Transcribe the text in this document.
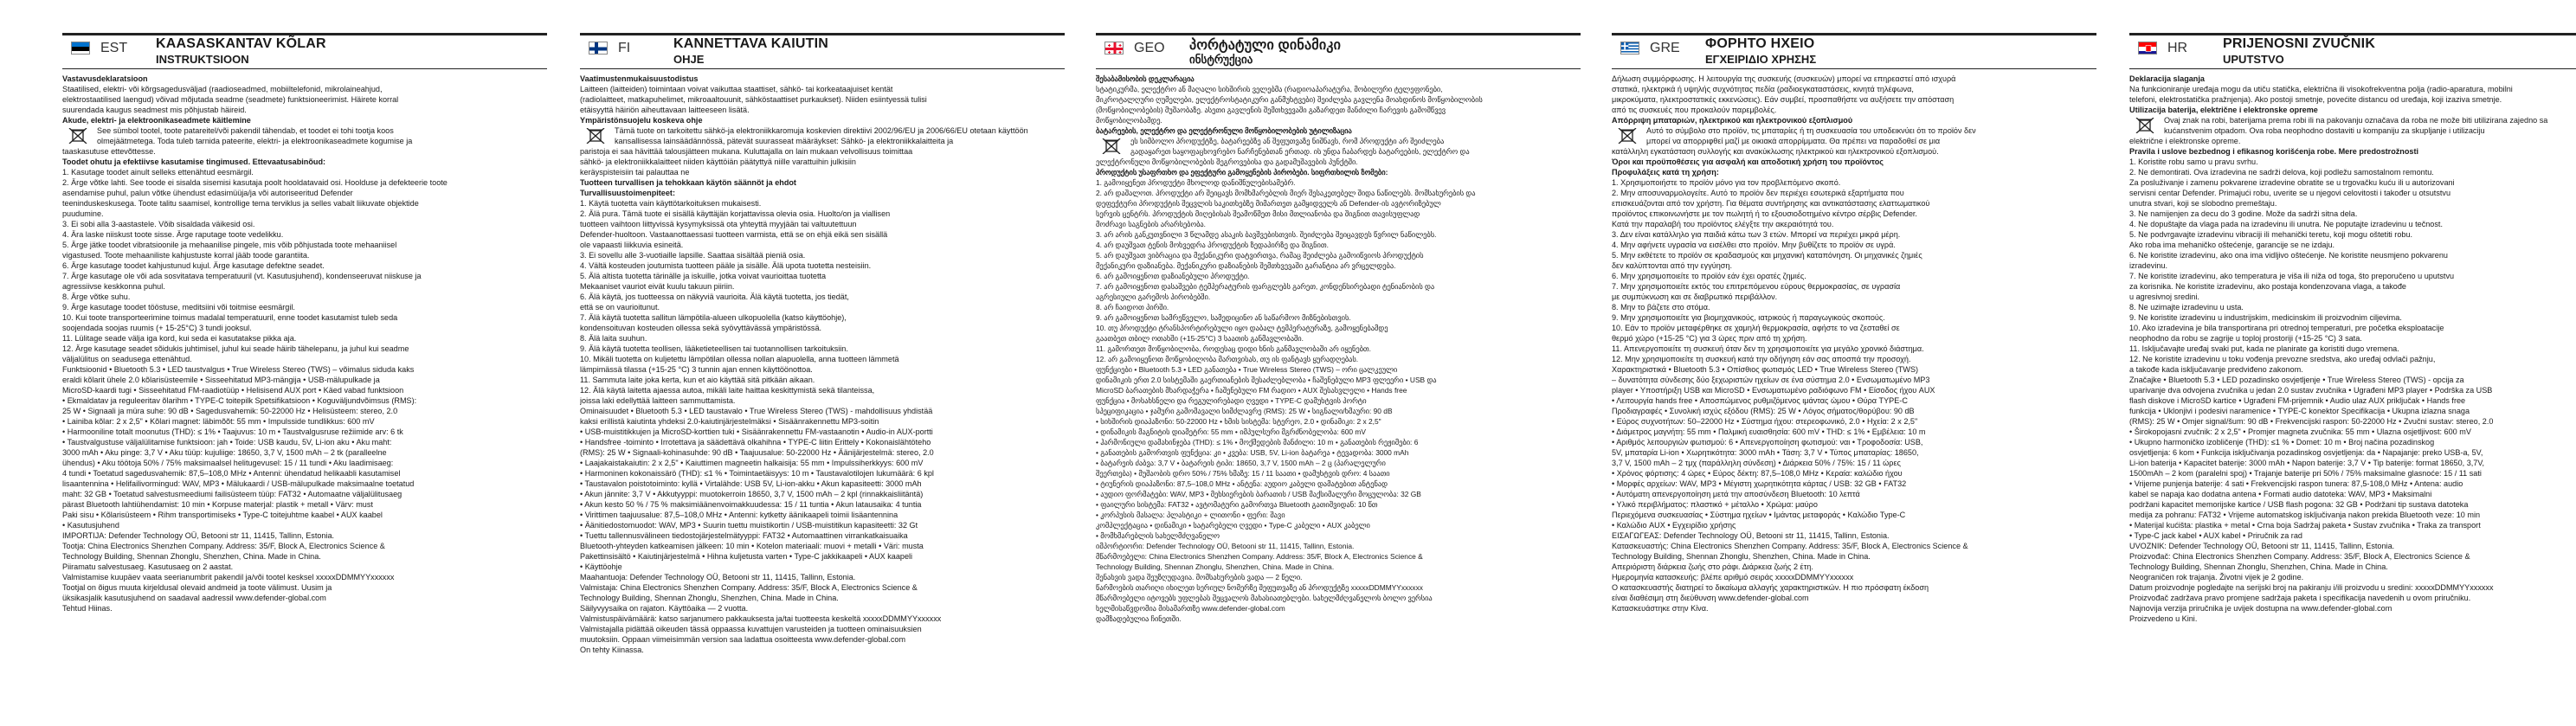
EST KAASASKANTAV KÕLAR
INSTRUKTSIOON

Vastavusdeklaratsioon

Staatilised, elektri- või kõrgsagedusväljad (raadioseadmed, mobiiltelefonid, mikrolaineahjud,

elektrostaatilised laengud) võivad mõjutada seadme (seadmete) funktsioneerimist. Häirete korral

suurendada kaugus seadmest mis põhjustab häireid.

Akude, elektri- ja elektroonikaseadmete käitlemine

See sümbol tootel, toote patareitel/või pakendil tähendab, et toodet ei tohi tootja koos

olmejäätmetega. Toda tuleb tarnida pateerite, elektri- ja elektroonikaseadmete kogumise ja

taaskasutuse ettevõttesse.

Toodet ohutu ja efektiivse kasutamise tingimused. Ettevaatusabinõud:

1. Kasutage toodet ainult selleks ettenähtud eesmärgil.

2. Ärge võtke lahti. See toode ei sisalda sisemisi kasutaja poolt hooldatavaid osi. Hoolduse ja defekteerie toote

asendamise puhul, palun võtke ühendust edasimüüja/ja või autoriseeritud Defender

teeninduskeskusega. Toote talitu saamisel, kontrollige tema terviklus ja selles vabalt liikuvate objektide

puudumine.

3. Ei sobi alla 3-aastastele. Võib sisaldada väikesid osi.

4. Ära laske niiskust toote sisse. Ärge raputage toote vedelikku.

5. Ärge jätke toodet vibratsioonile ja mehaanilise pingele, mis võib põhjustada toote mehaaniisel

vigastused. Toote mehaaniliste kahjustuste korral jääb toode garantiita.

6. Ärge kasutage toodet kahjustunud kujul. Ärge kasutage defektne seadet.

7. Ärge kasutage ole või ada sosvitatava temperatuuril (vt. Kasutusjuhend), kondenseeruvat niiskuse ja

agressiivse keskkonna puhul.

8. Ärge võtke suhu.

9. Ärge kasutage toodet tööstuse, meditsiini või toitmise eesmärgil.

10. Kui toote transporteerimine toimus madalal temperatuuril, enne toodet kasutamist tuleb seda

soojendada soojas ruumis (+ 15-25°C) 3 tundi jooksul.

11. Lülitage seade välja iga kord, kui seda ei kasutatakse pikka aja.

12. Ärge kasutage seadet sõidukis juhtimisel, juhul kui seade häirib tähelepanu, ja juhul kui seadme

väljalülitus on seadusega ettenähtud.

Funktsioonid • Bluetooth 5.3 • LED taustvalgus • True Wireless Stereo (TWS) – võimalus siduda kaks

eraldi kõlarit ühele 2.0 kõlarisüsteemile • Sisseehitatud MP3-mängija • USB-mälupulkade ja

MicroSD-kaardi tugi • Sisseehitatud FM-raadiotüüp • Helisisend AUX port • Käed vabad funktsioon

• Ekmaldatav ja reguleeritav õlarihm • TYPE-C toitepilk Spetsifikatsioon • Koguväljundvõimsus (RMS):

25 W • Signaali ja müra suhe: 90 dB • Sagedusvahemik: 50-22000 Hz • Helisüsteem: stereo, 2.0

• Lainiba kõlar: 2 x 2,5" • Kõlari magnet: läbimõõt: 55 mm • Impulsside tundlikkus: 600 mV

• Harmooniline totalt moonutus (THD): ≤ 1% • Taajuvus: 10 m • Taustvalgusruse režiimide arv: 6 tk

• Taustvalgustuse väljalülitamise funktsioon: jah • Toide: USB kaudu, 5V, Li-ion aku • Aku maht:

3000 mAh • Aku pinge: 3,7 V • Aku tüüp: kujuliige: 18650, 3,7 V, 1500 mAh – 2 tk (paralleelne

ühendus) • Aku töötoja 50% / 75% maksimaalsel helitugevusel: 15 / 11 tundi • Aku laadimisaeg:

4 tundi • Toetatud sagedusvahemik: 87,5–108,0 MHz • Antenni: ühendatud helikaabli kasutamisel

lisaantennina • Helifailivormingud: WAV, MP3 • Mälukaardi / USB-mälupulkade maksimaalne toetatud

maht: 32 GB • Toetatud salvestusmeediumi failisüsteem tüüp: FAT32 • Automaatne väljalülitusaeg

pärast Bluetooth lahtiühendamist: 10 min • Korpuse materjal: plastik + metall • Värv: must

Paki sisu • Kõlarisüsteem • Rihm transportimiseks • Type-C toitejuhtme kaabel • AUX kaabel

• Kasutusjuhend

IMPORTIJA: Defender Technology OÜ, Betooni str 11, 11415, Tallinn, Estonia.

Tootja: China Electronics Shenzhen Company. Address: 35/F, Block A, Electronics Science &

Technology Building, Shennan Zhonglu, Shenzhen, China. Made in China.

Piiramatu salvestusaeg. Kasutusaeg on 2 aastat.

Valmistamise kuupäev vaata seerianumbrit pakendil ja/või tootel kesksel xxxxxDDMMYYxxxxxx

Tootjal on õigus muuta kirjeldusal olevaid andmeid ja toote välimust. Uusim ja

üksikasjalik kasutusjuhend on saadaval aadressil www.defender-global.com

Tehtud Hiinas.

FI	KANNETTAVA KAIUTIN
OHJE

Vaatimustenmukaisuustodistus

Laitteen (laitteiden) toimintaan voivat vaikuttaa staattiset, sähkö- tai korkeataajuiset kentät

(radiolaitteet, matkapuhelimet, mikroaaltouunit, sähköstaattiset purkaukset). Niiden esiintyessä tulisi

etäisyyttä häiriön aiheuttavaan laitteeseen lisätä.

Ympäristönsuojelu koskeva ohje

Tämä tuote on tarkoitettu sähkö-ja elektroniikkaromuja koskevien direktiivi 2002/96/EU ja 2006/66/EU otetaan käyttöön

kansallisessa lainsäädännössä, pätevät suurasseat määräykset: Sähkö- ja elektroniikkalaitteita ja

paristoja ei saa hävittää talousjätteen mukana. Kuluttajalla on lain mukaan velvollisuus toimittaa

sähkö- ja elektroniikkalaitteet niiden käyttöiän päätyttyä niille varattuihin julkisiin

keräyspisteisiin tai palauttaa ne

Tuotteen turvallisen ja tehokkaan käytön säännöt ja ehdot

Turvallisuustoimenpiteet:

1. Käytä tuotetta vain käyttötarkoituksen mukaisesti.

2. Älä pura. Tämä tuote ei sisällä käyttäjän korjattavissa olevia osia. Huolto/on ja viallisen

tuotteen vaihtoon liittyvissä kysymyksissä ota yhteyttä myyjään tai valtuutettuun

Defender-huoltoon. Vastaanottaessasi tuotteen varmista, että se on ehjä eikä sen sisällä

ole vapaasti liikkuvia esineitä.

3. Ei sovellu alle 3-vuotiaille lapsille. Saattaa sisältää pieniä osia.

4. Vältä kosteuden joutumista tuotteen pääle ja sisälle. Älä upota tuotetta nesteisiin.

5. Älä altista tuotetta tärinälle ja iskuille, jotka voivat vaurioittaa tuotetta

Mekaaniset vauriot eivät kuulu takuun piiriin.

6. Älä käytä, jos tuotteessa on näkyviä vaurioita. Älä käytä tuotetta, jos tiedät,

että se on vaurioitunut.

7. Älä käytä tuotetta sallitun lämpötila-alueen ulkopuolella (katso käyttöohje),

kondensoituvan kosteuden ollessa sekä syövyttävässä ympäristössä.

8. Älä laita suuhun.

9. Älä käytä tuotetta teollisen, lääketieteellisen tai tuotannollisen tarkoituksiin.

10. Mikäli tuotetta on kuljetettu lämpötilan ollessa nollan alapuolella, anna tuotteen lämmetä

lämpimässä tilassa (+15-25 °C) 3 tunnin ajan ennen käyttöönottoa.

11. Sammuta laite joka kerta, kun et aio käyttää sitä pitkään aikaan.

12. Älä käytä laitetta ajaessa autoa, mikäli laite haittaa keskittymistä sekä tilanteissa,

joissa laki edellyttää laitteen sammuttamista.

Ominaisuudet • Bluetooth 5.3 • LED taustavalo • True Wireless Stereo (TWS) - mahdollisuus yhdistää

kaksi erillistä kaiutinta yhdeksi 2.0-kaiutinjärjestelmäksi • Sisäänrakennettu MP3-soitin

• USB-muistitikkujen ja MicroSD-korttien tuki • Sisäänrakennettu FM-vastaanotin • Audio-in AUX-portti

• Handsfree -toiminto • Irrotettava ja säädettävä olkahihna • TYPE-C liitin Erittely • Kokonaislähtöteho

(RMS): 25 W • Signaali-kohinasuhde: 90 dB • Taajuusalue: 50-22000 Hz • Äänijärjestelmä: stereo, 2.0

• Laajakaistakaiutin: 2 x 2,5" • Kaiuttimen magneetin halkaisija: 55 mm • Impulssiherkkyys: 600 mV

• Harmoninen kokonaissärö (THD): ≤1 % • Toimintaetäisyys: 10 m • Taustavalotilojen lukumäärä: 6 kpl

• Taustavalon poistotoiminto: kyllä • Virtalähde: USB 5V, Li-ion-akku • Akun kapasiteetti: 3000 mAh

• Akun jännite: 3,7 V • Akkutyyppi: muotokerroin 18650, 3,7 V, 1500 mAh – 2 kpl (rinnakkaisliitäntä)

• Akun kesto 50 % / 75 % maksimiäänenvoimakkuudessa: 15 / 11 tuntia • Akun latausaika: 4 tuntia

• Virittimen taajuusalue: 87,5–108,0 MHz • Antenni: kytketty äänikaapeli toimii lisäantennina

• Äänitiedostomuodot: WAV, MP3 • Suurin tuettu muistikortin / USB-muistitikun kapasiteetti: 32 Gt

• Tuettu tallennusvälineen tiedostojärjestelmätyyppi: FAT32 • Automaattinen virrankatkaisuaika

Bluetooth-yhteyden katkeamisen jälkeen: 10 min • Kotelon materiaali: muovi + metalli • Väri: musta

Pakettinsisältö • Kaiutinjärjestelmä • Hihna kuljetusta varten • Type-C jakkikaapeli • AUX kaapeli

• Käyttöohje

Maahantuoja: Defender Technology OÜ, Betooni str 11, 11415, Tallinn, Estonia.

Valmistaja: China Electronics Shenzhen Company. Address: 35/F, Block A, Electronics Science &

Technology Building, Shennan Zhonglu, Shenzhen, China. Made in China.

Säilyvyysaika on rajaton. Käyttöaika — 2 vuotta.

Valmistuspäivämäärä: katso sarjanumero pakkauksesta ja/tai tuotteesta keskeltä xxxxxDDMMYYxxxxxx

Valmistajalla pidättää oikeuden tässä oppaassa kuvattujen varusteiden ja tuotteen ominaisuuksien

muutoksiin. Oppaan viimeisimmän version saa ladattua osoitteesta www.defender-global.com

On tehty Kiinassa.

GEO პორტატული დინამიკი
ინსტრუქცია

შესაბამისობის დეკლარაცია

სტატიკურმა, ელექტრო ან მაღალი სიხშირის ველებმა (რადიოაპარატურა, მობილური ტელეფონები,

მიკროტალღური ღუმელები, ელექტროსტატიკური განმუხტვები) შეიძლება გავლენა მოახდინოს მოწყობილობის

(მოწყობილობების) მუშაობაზე. ასეთი გავლენის შემთხვევაში გაზარდეთ მანძილი ჩარევის გამომწვევ

მოწყობილობამდე.

ბატარეების, ელექტრო და ელექტრონული მოწყობილობების უტილიზაცია

ეს სიმბოლო პროდუქტზე, ბატარეებზე ან შეფუთვაზე ნიშნავს, რომ პროდუქტი არ შეიძლება

გადაყარეთ საყოფაცხოვრებო ნარჩენებთან ერთად. ის უნდა ჩაბარდეს ბატარეების, ელექტრო და

ელექტრონული მოწყობილობების შეგროვებისა და გადამუშავების პუნქტში.

პროდუქტის უსაფრთხო და ეფექტური გამოყენების პირობები. სიფრთხილის ზომები:

1. გამოიყენეთ პროდუქტი მხოლოდ დანიშნულებისამებრ.

2. არ დაშალოთ. პროდუქტი არ შეიცავს მომხმარებლის მიერ შესაკეთებელ შიდა ნაწილებს. მომსახურების და

დეფექტური პროდუქტის შეცვლის საკითხებზე მიმართეთ გამყიდველს ან Defender-ის ავტორიზებულ

სერვის ცენტრს. პროდუქტის მიღებისას შეამოწმეთ მისი მთლიანობა და შიგნით თავისუფლად

მოძრავი საგნების არარსებობა.

3. არ არის განკუთვნილი 3 წლამდე ასაკის ბავშვებისთვის. შეიძლება შეიცავდეს წვრილ ნაწილებს.

4. არ დაუშვათ ტენის მოხვედრა პროდუქტის ზედაპირზე და შიგნით.

5. არ დაუშვათ ვიბრაცია და მექანიკური დატვირთვა, რამაც შეიძლება გამოიწვიოს პროდუქტის

მექანიკური დაზიანება. მექანიკური დაზიანების შემთხვევაში გარანტია არ ვრცელდება.

6. არ გამოიყენოთ დაზიანებული პროდუქტი.

7. არ გამოიყენოთ დასაშვები ტემპერატურის ფარგლებს გარეთ, კონდენსირებადი ტენიანობის და

აგრესიული გარემოს პირობებში.

8. არ ჩაიდოთ პირში.

9. არ გამოიყენოთ სამრეწველო, სამედიცინო ან საწარმოო მიზნებისთვის.

10. თუ პროდუქტი ტრანსპორტირებული იყო დაბალ ტემპერატურაზე, გამოყენებამდე

გაათბეთ თბილ ოთახში (+15-25°C) 3 საათის განმავლობაში.

11. გამორთეთ მოწყობილობა, როდესაც დიდი ხნის განმავლობაში არ იყენებთ.

12. არ გამოიყენოთ მოწყობილობა მართვისას, თუ ის ფანტავს ყურადღებას.

ფუნქციები • Bluetooth 5.3 • LED განათება • True Wireless Stereo (TWS) – ორი ცალკეული

დინამიკის ერთ 2.0 სისტემაში გაერთიანების შესაძლებლობა • ჩაშენებული MP3 ფლეერი • USB და

MicroSD ბარათების მხარდაჭერა • ჩაშენებული FM რადიო • AUX შესასვლელი • Hands free

ფუნქცია • მოსახსნელი და რეგულირებადი ღვედი • TYPE-C დამუხტვის პორტი

სპეციფიკაცია • ჯამური გამომავალი სიმძლავრე (RMS): 25 W • სიგნალი/ხმაური: 90 dB

• სიხშირის დიაპაზონი: 50-22000 Hz • ხმის სისტემა: სტერეო, 2.0 • დინამიკი: 2 x 2,5"

• დინამიკის მაგნიტის დიამეტრი: 55 mm • იმპულსური მგრძნობელობა: 600 mV

• ჰარმონიული დამახინჯება (THD): ≤ 1% • მოქმედების მანძილი: 10 m • განათების რეჟიმები: 6

• განათების გამორთვის ფუნქცია: კი • კვება: USB, 5V, Li-ion ბატარეა • ტევადობა: 3000 mAh

• ბატარეის ძაბვა: 3,7 V • ბატარეის ტიპი: 18650, 3,7 V, 1500 mAh – 2 ც (პარალელური

შეერთება) • მუშაობის დრო 50% / 75% ხმაზე: 15 / 11 საათი • დამუხტვის დრო: 4 საათი

• ტიუნერის დიაპაზონი: 87,5–108,0 MHz • ანტენა: აუდიო კაბელი დამატებით ანტენად

• აუდიო ფორმატები: WAV, MP3 • მეხსიერების ბარათის / USB მაქსიმალური მოცულობა: 32 GB

• ფაილური სისტემა: FAT32 • ავტომატური გამორთვა Bluetooth გათიშვიდან: 10 წთ

• კორპუსის მასალა: პლასტიკი + ლითონი • ფერი: შავი

კომპლექტაცია • დინამიკი • სატარებელი ღვედი • Type-C კაბელი • AUX კაბელი

• მომხმარებლის სახელმძღვანელო

იმპორტიორი: Defender Technology OÜ, Betooni str 11, 11415, Tallinn, Estonia.

მწარმოებელი: China Electronics Shenzhen Company. Address: 35/F, Block A, Electronics Science &

Technology Building, Shennan Zhonglu, Shenzhen, China. Made in China.

შენახვის ვადა შეუზღუდავია. მომსახურების ვადა — 2 წელი.

წარმოების თარიღი იხილეთ სერიულ ნომერზე შეფუთვაზე ან პროდუქტზე xxxxxDDMMYYxxxxxx

მწარმოებელი იტოვებს უფლებას შეცვალოს მახასიათებლები. სახელმძღვანელოს ბოლო ვერსია

ხელმისაწვდომია მისამართზე www.defender-global.com

დამზადებულია ჩინეთში.

GRE ΦΟΡΗΤΟ ΗΧΕΙΟ
ΕΓΧΕΙΡΙΔΙΟ ΧΡΗΣΗΣ

Δήλωση συμμόρφωσης. Η λειτουργία της συσκευής (συσκευών) μπορεί να επηρεαστεί από ισχυρά

στατικά, ηλεκτρικά ή υψηλής συχνότητας πεδία (ραδιοεγκαταστάσεις, κινητά τηλέφωνα,

μικροκύματα, ηλεκτροστατικές εκκενώσεις). Εάν συμβεί, προσπαθήστε να αυξήσετε την απόσταση

από τις συσκευές που προκαλούν παρεμβολές.

Απόρριψη μπαταριών, ηλεκτρικού και ηλεκτρονικού εξοπλισμού

Αυτό το σύμβολο στο προϊόν, τις μπαταρίες ή τη συσκευασία του υποδεικνύει ότι το προϊόν δεν

μπορεί να απορριφθεί μαζί με οικιακά απορρίμματα. Θα πρέπει να παραδοθεί σε μια

κατάλληλη εγκατάσταση συλλογής και ανακύκλωσης ηλεκτρικού και ηλεκτρονικού εξοπλισμού.

Όροι και προϋποθέσεις για ασφαλή και αποδοτική χρήση του προϊόντος

Προφυλάξεις κατά τη χρήση:

1. Χρησιμοποιήστε το προϊόν μόνο για τον προβλεπόμενο σκοπό.

2. Μην αποσυναρμολογείτε. Αυτό το προϊόν δεν περιέχει εσωτερικά εξαρτήματα που

επισκευάζονται από τον χρήστη. Για θέματα συντήρησης και αντικατάστασης ελαττωματικού

προϊόντος επικοινωνήστε με τον πωλητή ή το εξουσιοδοτημένο κέντρο σέρβις Defender.

Κατά την παραλαβή του προϊόντος ελέγξτε την ακεραιότητά του.

3. Δεν είναι κατάλληλο για παιδιά κάτω των 3 ετών. Μπορεί να περιέχει μικρά μέρη.

4. Μην αφήνετε υγρασία να εισέλθει στο προϊόν. Μην βυθίζετε το προϊόν σε υγρά.

5. Μην εκθέτετε το προϊόν σε κραδασμούς και μηχανική καταπόνηση. Οι μηχανικές ζημιές

δεν καλύπτονται από την εγγύηση.

6. Μην χρησιμοποιείτε το προϊόν εάν έχει ορατές ζημιές.

7. Μην χρησιμοποιείτε εκτός του επιτρεπόμενου εύρους θερμοκρασίας, σε υγρασία

με συμπύκνωση και σε διαβρωτικό περιβάλλον.

8. Μην το βάζετε στο στόμα.

9. Μην χρησιμοποιείτε για βιομηχανικούς, ιατρικούς ή παραγωγικούς σκοπούς.

10. Εάν το προϊόν μεταφέρθηκε σε χαμηλή θερμοκρασία, αφήστε το να ζεσταθεί σε

θερμό χώρο (+15-25 °C) για 3 ώρες πριν από τη χρήση.

11. Απενεργοποιείτε τη συσκευή όταν δεν τη χρησιμοποιείτε για μεγάλο χρονικό διάστημα.

12. Μην χρησιμοποιείτε τη συσκευή κατά την οδήγηση εάν σας αποσπά την προσοχή.

Χαρακτηριστικά • Bluetooth 5.3 • Οπίσθιος φωτισμός LED • True Wireless Stereo (TWS)

– δυνατότητα σύνδεσης δύο ξεχωριστών ηχείων σε ένα σύστημα 2.0 • Ενσωματωμένο MP3

player • Υποστήριξη USB και MicroSD • Ενσωματωμένο ραδιόφωνο FM • Είσοδος ήχου AUX

• Λειτουργία hands free • Αποσπώμενος ρυθμιζόμενος ιμάντας ώμου • Θύρα TYPE-C

Προδιαγραφές • Συνολική ισχύς εξόδου (RMS): 25 W • Λόγος σήματος/θορύβου: 90 dB

• Εύρος συχνοτήτων: 50–22000 Hz • Σύστημα ήχου: στερεοφωνικό, 2.0 • Ηχεία: 2 x 2,5"

• Διάμετρος μαγνήτη: 55 mm • Παλμική ευαισθησία: 600 mV • THD: ≤ 1% • Εμβέλεια: 10 m

• Αριθμός λειτουργιών φωτισμού: 6 • Απενεργοποίηση φωτισμού: ναι • Τροφοδοσία: USB,

5V, μπαταρία Li-ion • Χωρητικότητα: 3000 mAh • Τάση: 3,7 V • Τύπος μπαταρίας: 18650,

3,7 V, 1500 mAh – 2 τμχ (παράλληλη σύνδεση) • Διάρκεια 50% / 75%: 15 / 11 ώρες

• Χρόνος φόρτισης: 4 ώρες • Εύρος δέκτη: 87,5–108,0 MHz • Κεραία: καλώδιο ήχου

• Μορφές αρχείων: WAV, MP3 • Μέγιστη χωρητικότητα κάρτας / USB: 32 GB • FAT32

• Αυτόματη απενεργοποίηση μετά την αποσύνδεση Bluetooth: 10 λεπτά

• Υλικό περιβλήματος: πλαστικό + μέταλλο • Χρώμα: μαύρο

Περιεχόμενα συσκευασίας • Σύστημα ηχείων • Ιμάντας μεταφοράς • Καλώδιο Type-C

• Καλώδιο AUX • Εγχειρίδιο χρήσης

ΕΙΣΑΓΩΓΕΑΣ: Defender Technology OÜ, Betooni str 11, 11415, Tallinn, Estonia.

Κατασκευαστής: China Electronics Shenzhen Company. Address: 35/F, Block A, Electronics Science &

Technology Building, Shennan Zhonglu, Shenzhen, China. Made in China.

Απεριόριστη διάρκεια ζωής στο ράφι. Διάρκεια ζωής 2 έτη.

Ημερομηνία κατασκευής: βλέπε αριθμό σειράς xxxxxDDMMYYxxxxxx

Ο κατασκευαστής διατηρεί το δικαίωμα αλλαγής χαρακτηριστικών. Η πιο πρόσφατη έκδοση

είναι διαθέσιμη στη διεύθυνση www.defender-global.com

Κατασκευάστηκε στην Κίνα.

HR	PRIJENOSNI ZVUČNIK
UPUTSTVO

Deklaracija slaganja

Na funkcioniranje uređaja mogu da utiču statička, električna ili visokofrekventna polja (radio-aparatura, mobilni

telefoni, elektrostatička pražnjenja). Ako postoji smetnje, povećite distancu od uređaja, koji izaziva smetnje.

Utilizacija baterija, električne i elektronske opreme

Ovaj znak na robi, baterijama prema robi ili na pakovanju označava da roba ne može biti utilizirana zajedno sa

kućanstvenim otpadom. Ova roba neophodno dostaviti u kompaniju za skupljanje i utilizaciju

električne i elektronske opreme.

Pravila i uslove bezbednog i efikasnog korišćenja robe. Mere predostrožnosti

1. Koristite robu samo u pravu svrhu.

2. Ne demontirati. Ova izradevina ne sadrži delova, koji podležu samostalnom remontu.

Za posluživanje i zamenu pokvarene izradevine obratite se u trgovačku kuću ili u autorizovani

servisni centar Defender. Primajući robu, uverite se u njegovi celovitosti i također u otsutstvu

unutra stvari, koji se slobodno premeštaju.

3. Ne namijenjen za decu do 3 godine. Može da sadrži sitna dela.

4. Ne dopuštajte da vlaga pada na izradevinu ili unutra. Ne poputajte izradevinu u tečnost.

5. Ne podvrgavajte izradevinu vibraciji ili mehanički teretu, koji mogu oštetiti robu.

Ako roba ima mehaničko oštećenje, garancije se ne izdaju.

6. Ne koristite izradevinu, ako ona ima vidljivo oštećenje. Ne koristite neusmjeno pokvarenu

izradevinu.

7. Ne koristite izradevinu, ako temperatura je viša ili niža od toga, što preporučeno u uputstvu

za korisnika. Ne koristite izradevinu, ako postaja kondenzovana vlaga, a takođe

u agresivnoj sredini.

8. Ne uzimajte izradevinu u usta.

9. Ne koristite izradevinu u industrijskim, medicinskim ili proizvodnim ciljevima.

10. Ako izradevina je bila transportirana pri otrednoj temperaturi, pre početka eksploatacije

neophodno da robu se zagrije u toploj prostoriji (+15-25 °C) 3 sata.

11. Isključavajte uređaj svaki put, kada ne planirate ga koristiti dugo vremena.

12. Ne koristite izradevinu u toku vođenja prevozne sredstva, ako uređaj odvlači pažnju,

a takođe kada isključavanje predviđeno zakonom.

Značajke • Bluetooth 5.3 • LED pozadinsko osvjetljenje • True Wireless Stereo (TWS) - opcija za

uparivanje dva odvojena zvučnika u jedan 2.0 sustav zvučnika • Ugrađeni MP3 player • Podrška za USB

flash diskove i MicroSD kartice • Ugrađeni FM-prijemnik • Audio ulaz AUX priključak • Hands free

funkcija • Uklonjivi i podesivi naramenice • TYPE-C konektor Specifikacija • Ukupna izlazna snaga

(RMS): 25 W • Omjer signal/šum: 90 dB • Frekvencijski raspon: 50-22000 Hz • Zvučni sustav: stereo, 2.0

• Širokopojasni zvučnik: 2 x 2,5" • Promjer magneta zvučnika: 55 mm • Ulazna osjetljivost: 600 mV

• Ukupno harmoničko izobličenje (THD): ≤1 % • Domet: 10 m • Broj načina pozadinskog

osvjetljenja: 6 kom • Funkcija isključivanja pozadinskog osvjetljenja: da • Napajanje: preko USB-a, 5V,

Li-ion baterija • Kapacitet baterije: 3000 mAh • Napon baterije: 3,7 V • Tip baterije: format 18650, 3,7V,

1500mAh – 2 kom (paralelni spoj) • Trajanje baterije pri 50% / 75% maksimalne glasnoće: 15 / 11 sati

• Vrijeme punjenja baterije: 4 sati • Frekvencijski raspon tunera: 87,5-108,0 MHz • Antena: audio

kabel se napaja kao dodatna antena • Formati audio datoteka: WAV, MP3 • Maksimalni

podržani kapacitet memorijske kartice / USB flash pogona: 32 GB • Podržani tip sustava datoteka

medija za pohranu: FAT32 • Vrijeme automatskog isključivanja nakon prekida Bluetooth veze: 10 min

• Materijal kućišta: plastika + metal • Crna boja Sadržaj paketa • Sustav zvučnika • Traka za transport

• Type-C jack kabel • AUX kabel • Priručnik za rad

UVOZNIK: Defender Technology OÜ, Betooni str 11, 11415, Tallinn, Estonia.

Proizvođač: China Electronics Shenzhen Company. Address: 35/F, Block A, Electronics Science &

Technology Building, Shennan Zhonglu, Shenzhen, China. Made in China.

Neograničen rok trajanja. Životni vijek je 2 godine.

Datum proizvodnje pogledajte na serijski broj na pakiranju i/ili proizvodu u sredini: xxxxxDDMMYYxxxxxx

Proizvođač zadržava pravo promjene sadržaja paketa i specifikacija navedenih u ovom priručniku.

Najnovija verzija priručnika je uvijek dostupna na www.defender-global.com

Proizvedeno u Kini.
